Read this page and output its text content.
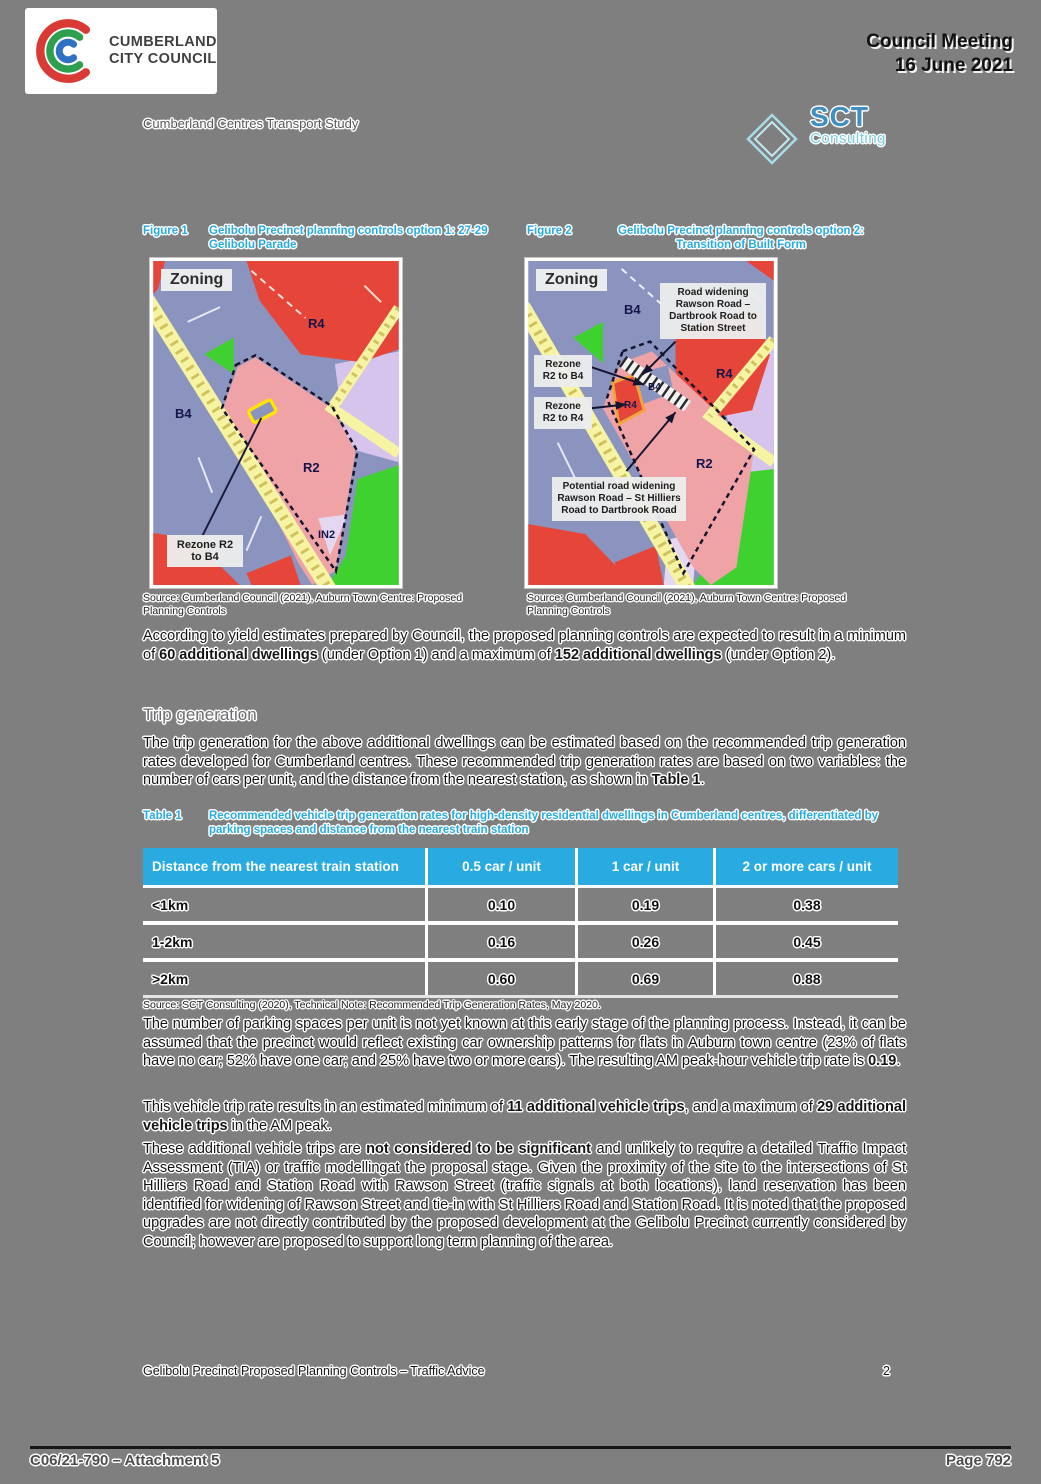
CUMBERLAND
CITY COUNCIL
Council Meeting
16 June 2021
Cumberland Centres Transport Study	SCT
Consulting
Figure 1	Gelibolu Precinct planning controls option 1: 27-29 Gelibolu Parade
Figure 2	Gelibolu Precinct planning controls option 2: Transition of Built Form
Zoning
R4
B4
R2
IN2
Rezone R2 to B4
Zoning
B4
R4
B4
R4
R2
Road widening Rawson Road – Dartbrook Road to Station Street
Rezone R2 to B4
Rezone R2 to R4
Potential road widening Rawson Road – St Hilliers Road to Dartbrook Road
Source: Cumberland Council (2021), Auburn Town Centre: Proposed Planning Controls
Source: Cumberland Council (2021), Auburn Town Centre: Proposed Planning Controls
According to yield estimates prepared by Council, the proposed planning controls are expected to result in a minimum of 60 additional dwellings (under Option 1) and a maximum of 152 additional dwellings (under Option 2).
Trip generation
The trip generation for the above additional dwellings can be estimated based on the recommended trip generation rates developed for Cumberland centres. These recommended trip generation rates are based on two variables: the number of cars per unit, and the distance from the nearest station, as shown in Table 1.
Table 1	Recommended vehicle trip generation rates for high-density residential dwellings in Cumberland centres, differentiated by parking spaces and distance from the nearest train station
Distance from the nearest train station	0.5 car / unit	1 car / unit	2 or more cars / unit
<1km	0.10	0.19	0.38
1-2km	0.16	0.26	0.45
>2km	0.60	0.69	0.88
Source: SCT Consulting (2020), Technical Note: Recommended Trip Generation Rates, May 2020.
The number of parking spaces per unit is not yet known at this early stage of the planning process. Instead, it can be assumed that the precinct would reflect existing car ownership patterns for flats in Auburn town centre (23% of flats have no car; 52% have one car; and 25% have two or more cars). The resulting AM peak-hour vehicle trip rate is 0.19.
This vehicle trip rate results in an estimated minimum of 11 additional vehicle trips, and a maximum of 29 additional vehicle trips in the AM peak.
These additional vehicle trips are not considered to be significant and unlikely to require a detailed Traffic Impact Assessment (TIA) or traffic modellingat the proposal stage. Given the proximity of the site to the intersections of St Hilliers Road and Station Road with Rawson Street (traffic signals at both locations), land reservation has been identified for widening of Rawson Street and tie-in with St Hilliers Road and Station Road. It is noted that the proposed upgrades are not directly contributed by the proposed development at the Gelibolu Precinct currently considered by Council; however are proposed to support long term planning of the area.
Gelibolu Precinct Proposed Planning Controls – Traffic Advice	2
C06/21-790 – Attachment 5	Page 792
